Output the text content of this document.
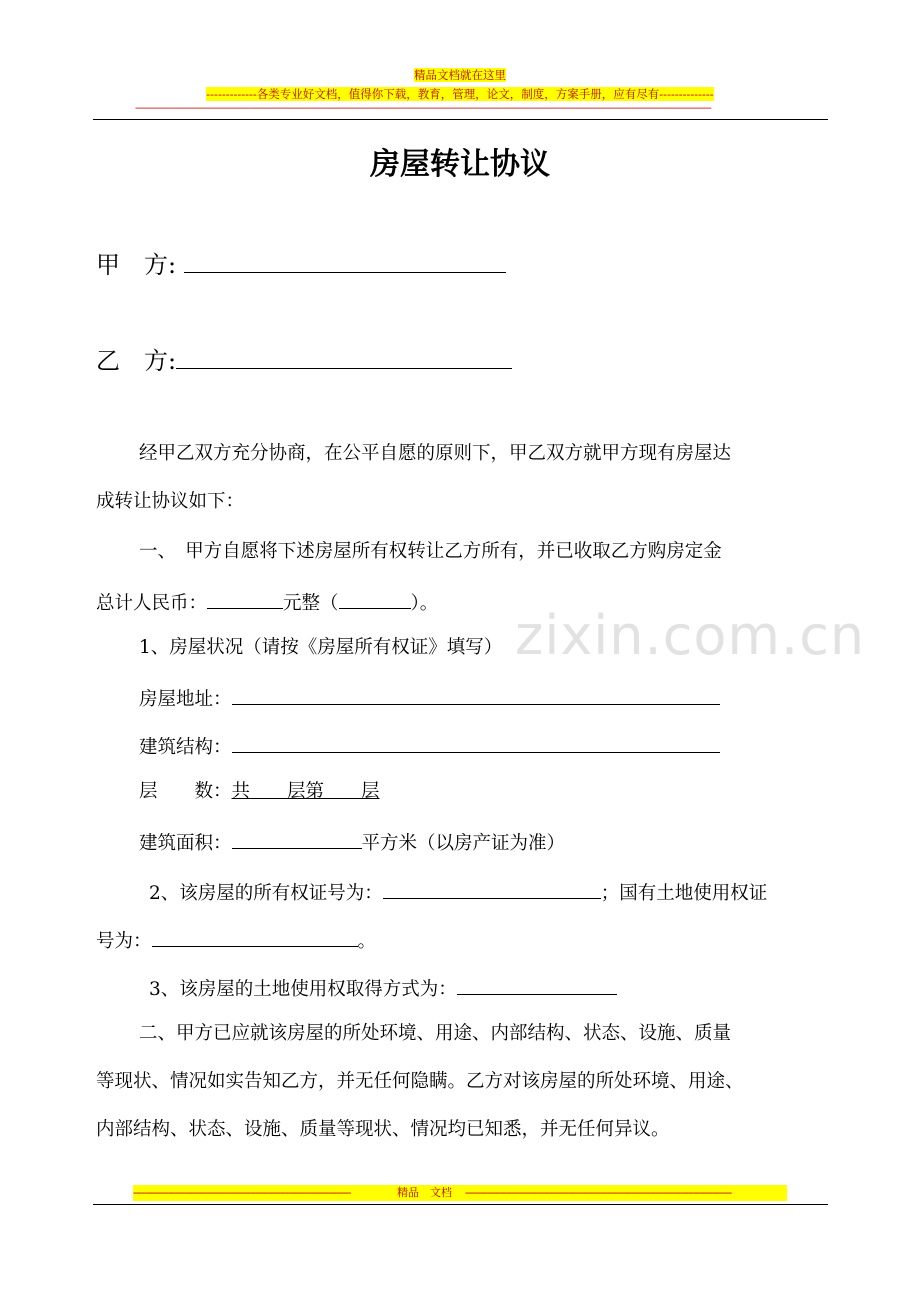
精品文档就在这里
-------------各类专业好文档，值得你下载，教育，管理，论文，制度，方案手册，应有尽有--------------
--------------------------------------------------------------------------------------------------------------------------------------------------------------------------------------------------------------------------------------------------
zixin.com.cn
房屋转让协议
甲　方:
乙　方:
经甲乙双方充分协商，在公平自愿的原则下，甲乙双方就甲方现有房屋达
成转让协议如下：
一、　甲方自愿将下述房屋所有权转让乙方所有，并已收取乙方购房定金
总计人民币：	元整（	）。
1、房屋状况（请按《房屋所有权证》填写）
房屋地址：
建筑结构：
层　　数：共　　层第　　层
建筑面积：	平方米（以房产证为准）
2、该房屋的所有权证号为：	；国有土地使用权证
号为：	。
3、该房屋的土地使用权取得方式为：
二、甲方已应就该房屋的所处环境、用途、内部结构、状态、设施、质量
等现状、情况如实告知乙方，并无任何隐瞒。乙方对该房屋的所处环境、用途、
内部结构、状态、设施、质量等现状、情况均已知悉，并无任何异议。
--------------------------------------------------------------------------------	精品　文档 --------------------------------------------------------------------------------------------------
